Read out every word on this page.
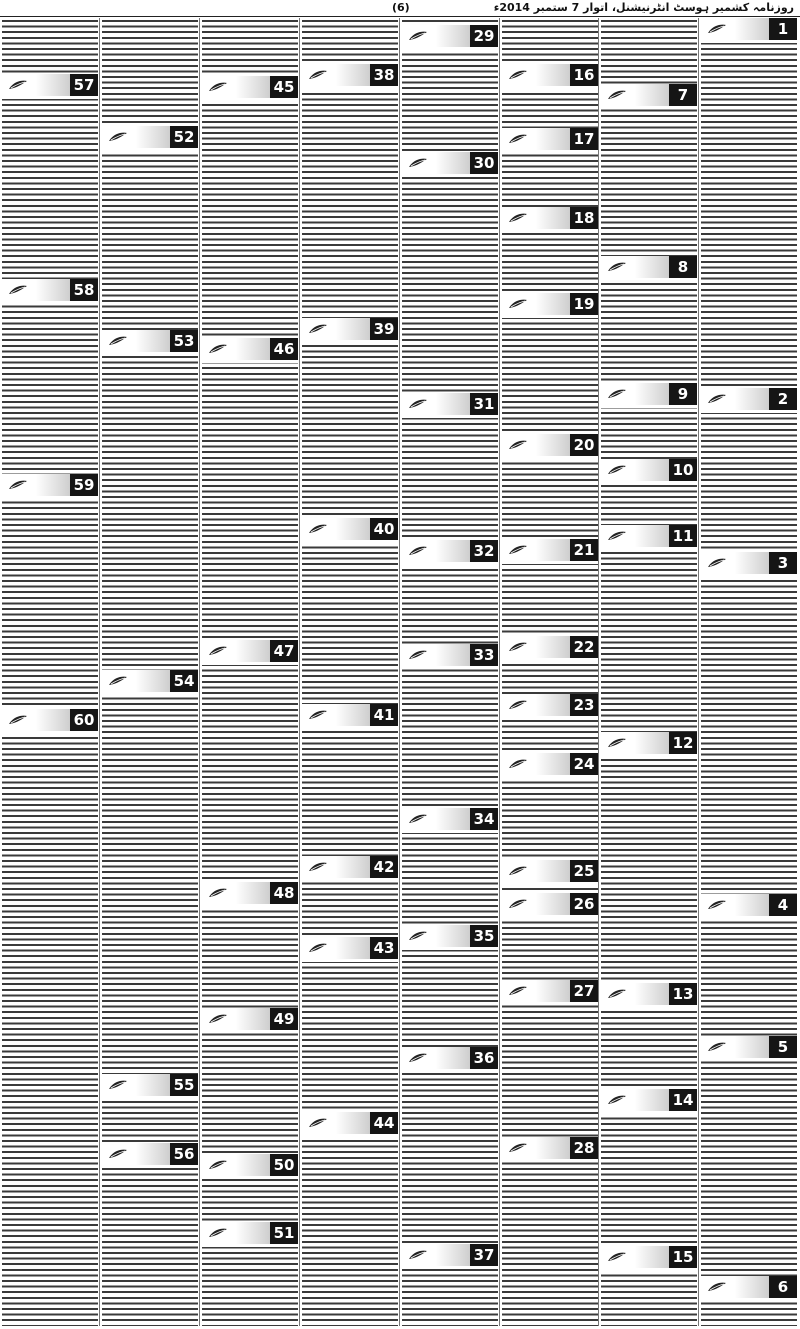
روزنامہ کشمیر ہوسٹ انٹرنیشنل، اتوار 7 ستمبر 2014ء
(6)
1
2
3
4
5
6
7
8
9
10
11
12
13
14
15
16
17
18
19
20
21
22
23
24
25
26
27
28
29
30
31
32
33
34
35
36
37
38
39
40
41
42
43
44
45
46
47
48
49
50
51
52
53
54
55
56
57
58
59
60
